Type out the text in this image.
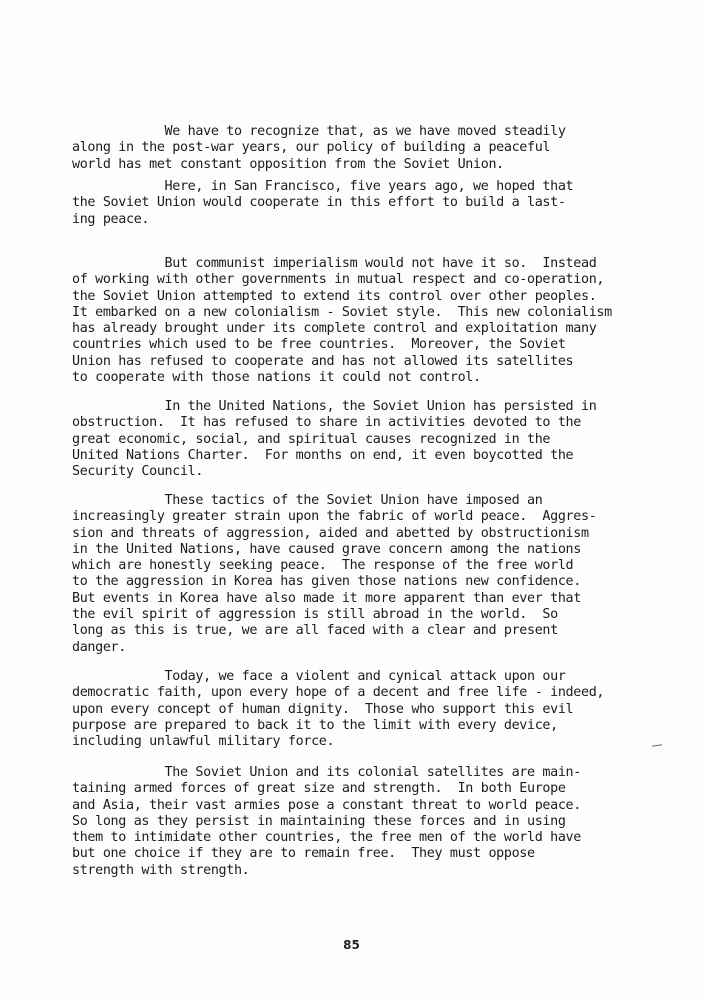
We have to recognize that, as we have moved steadily
along in the post-war years, our policy of building a peaceful
world has met constant opposition from the Soviet Union.
Here, in San Francisco, five years ago, we hoped that
the Soviet Union would cooperate in this effort to build a last-
ing peace.
But communist imperialism would not have it so.  Instead
of working with other governments in mutual respect and co-operation,
the Soviet Union attempted to extend its control over other peoples.
It embarked on a new colonialism - Soviet style.  This new colonialism
has already brought under its complete control and exploitation many
countries which used to be free countries.  Moreover, the Soviet
Union has refused to cooperate and has not allowed its satellites
to cooperate with those nations it could not control.
In the United Nations, the Soviet Union has persisted in
obstruction.  It has refused to share in activities devoted to the
great economic, social, and spiritual causes recognized in the
United Nations Charter.  For months on end, it even boycotted the
Security Council.
These tactics of the Soviet Union have imposed an
increasingly greater strain upon the fabric of world peace.  Aggres-
sion and threats of aggression, aided and abetted by obstructionism
in the United Nations, have caused grave concern among the nations
which are honestly seeking peace.  The response of the free world
to the aggression in Korea has given those nations new confidence.
But events in Korea have also made it more apparent than ever that
the evil spirit of aggression is still abroad in the world.  So
long as this is true, we are all faced with a clear and present
danger.
Today, we face a violent and cynical attack upon our
democratic faith, upon every hope of a decent and free life - indeed,
upon every concept of human dignity.  Those who support this evil
purpose are prepared to back it to the limit with every device,
including unlawful military force.
The Soviet Union and its colonial satellites are main-
taining armed forces of great size and strength.  In both Europe
and Asia, their vast armies pose a constant threat to world peace.
So long as they persist in maintaining these forces and in using
them to intimidate other countries, the free men of the world have
but one choice if they are to remain free.  They must oppose
strength with strength.
85
